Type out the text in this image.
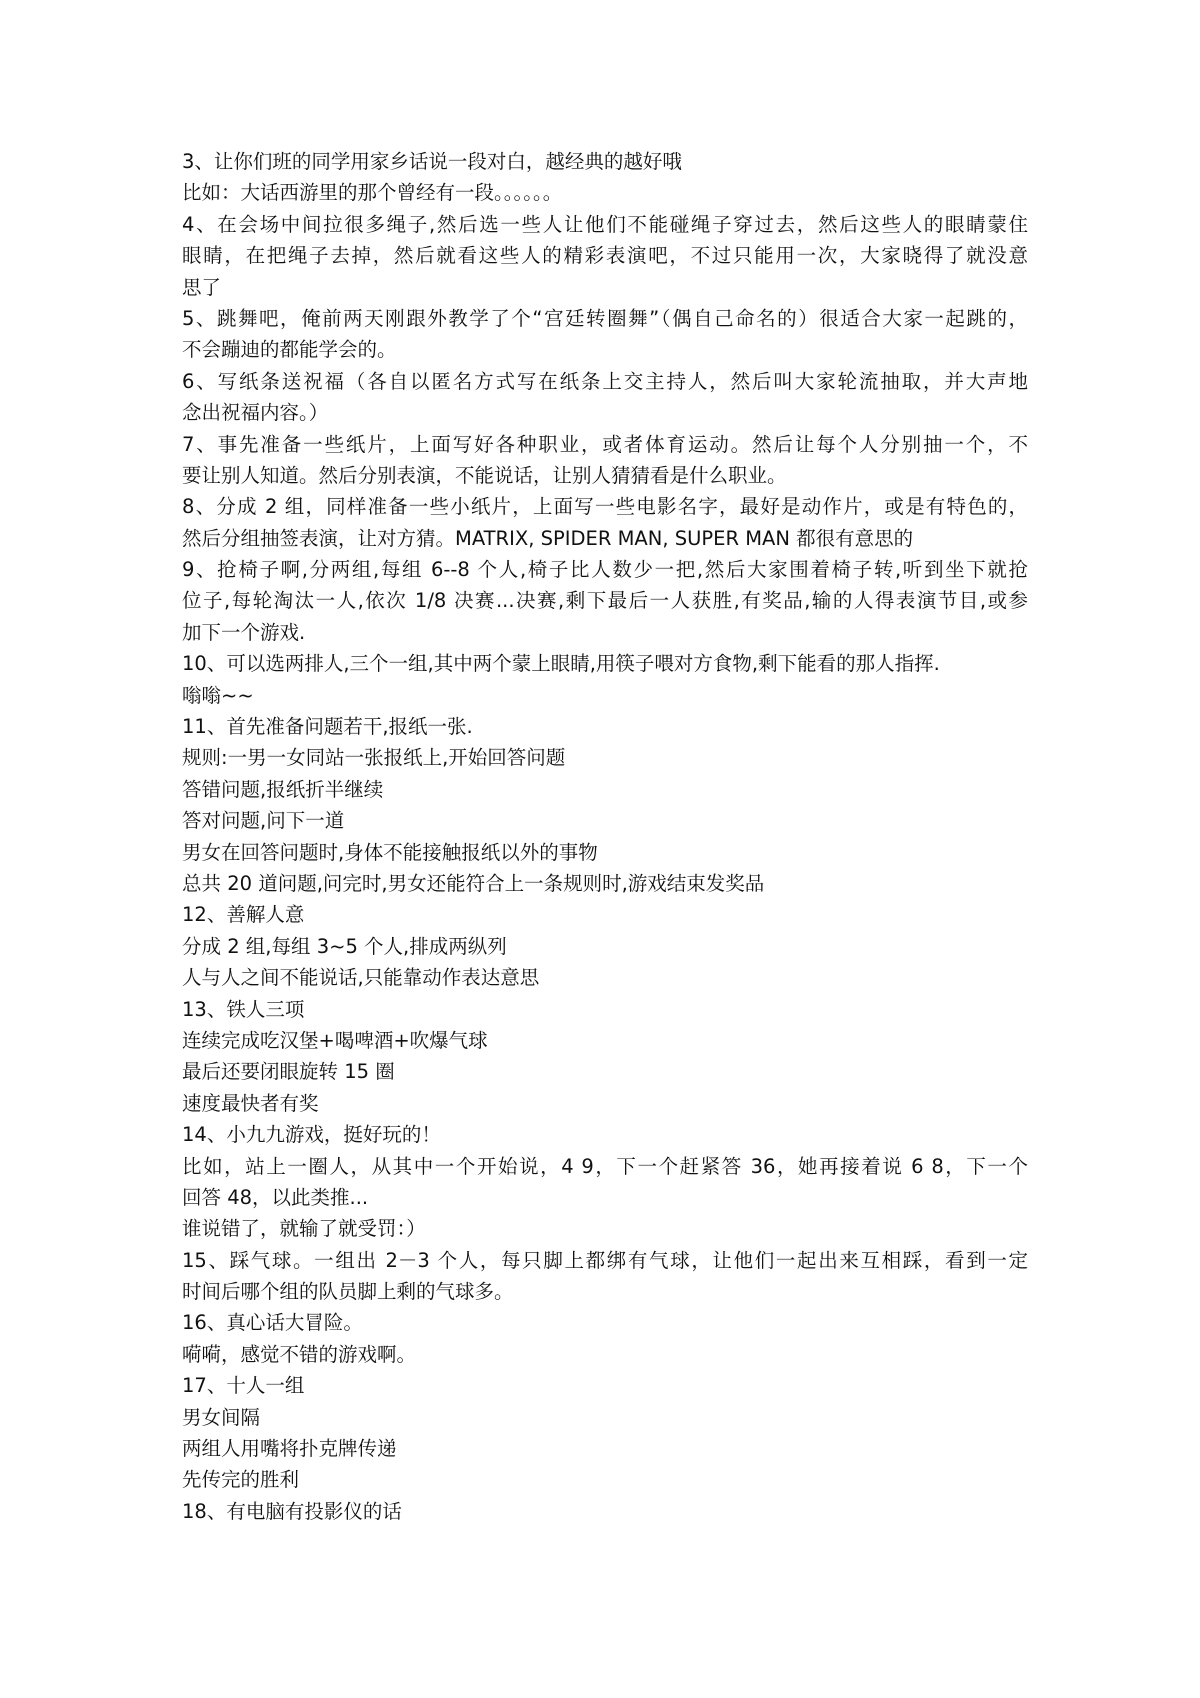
3、让你们班的同学用家乡话说一段对白，越经典的越好哦
比如：大话西游里的那个曾经有一段。。。。。。
4、在会场中间拉很多绳子,然后选一些人让他们不能碰绳子穿过去，然后这些人的眼睛蒙住
眼睛，在把绳子去掉，然后就看这些人的精彩表演吧，不过只能用一次，大家晓得了就没意
思了
5、跳舞吧，俺前两天刚跟外教学了个“宫廷转圈舞”（偶自己命名的）很适合大家一起跳的，
不会蹦迪的都能学会的。
6、写纸条送祝福（各自以匿名方式写在纸条上交主持人，然后叫大家轮流抽取，并大声地
念出祝福内容。）
7、事先准备一些纸片，上面写好各种职业，或者体育运动。然后让每个人分别抽一个，不
要让别人知道。然后分别表演，不能说话，让别人猜猜看是什么职业。
8、分成 2 组，同样准备一些小纸片，上面写一些电影名字，最好是动作片，或是有特色的，
然后分组抽签表演，让对方猜。MATRIX, SPIDER MAN, SUPER MAN 都很有意思的
9、抢椅子啊,分两组,每组 6--8 个人,椅子比人数少一把,然后大家围着椅子转,听到坐下就抢
位子,每轮淘汰一人,依次 1/8 决赛...决赛,剩下最后一人获胜,有奖品,输的人得表演节目,或参
加下一个游戏.
10、可以选两排人,三个一组,其中两个蒙上眼睛,用筷子喂对方食物,剩下能看的那人指挥.
嗡嗡~~
11、首先准备问题若干,报纸一张.
规则:一男一女同站一张报纸上,开始回答问题
答错问题,报纸折半继续
答对问题,问下一道
男女在回答问题时,身体不能接触报纸以外的事物
总共 20 道问题,问完时,男女还能符合上一条规则时,游戏结束发奖品
12、善解人意
分成 2 组,每组 3~5 个人,排成两纵列
人与人之间不能说话,只能靠动作表达意思
13、铁人三项
连续完成吃汉堡+喝啤酒+吹爆气球
最后还要闭眼旋转 15 圈
速度最快者有奖
14、小九九游戏，挺好玩的！
比如，站上一圈人，从其中一个开始说，4 9，下一个赶紧答 36，她再接着说 6 8，下一个
回答 48，以此类推...
谁说错了，就输了就受罚：）
15、踩气球。一组出 2－3 个人，每只脚上都绑有气球，让他们一起出来互相踩，看到一定
时间后哪个组的队员脚上剩的气球多。
16、真心话大冒险。
嗬嗬，感觉不错的游戏啊。
17、十人一组
男女间隔
两组人用嘴将扑克牌传递
先传完的胜利
18、有电脑有投影仪的话
